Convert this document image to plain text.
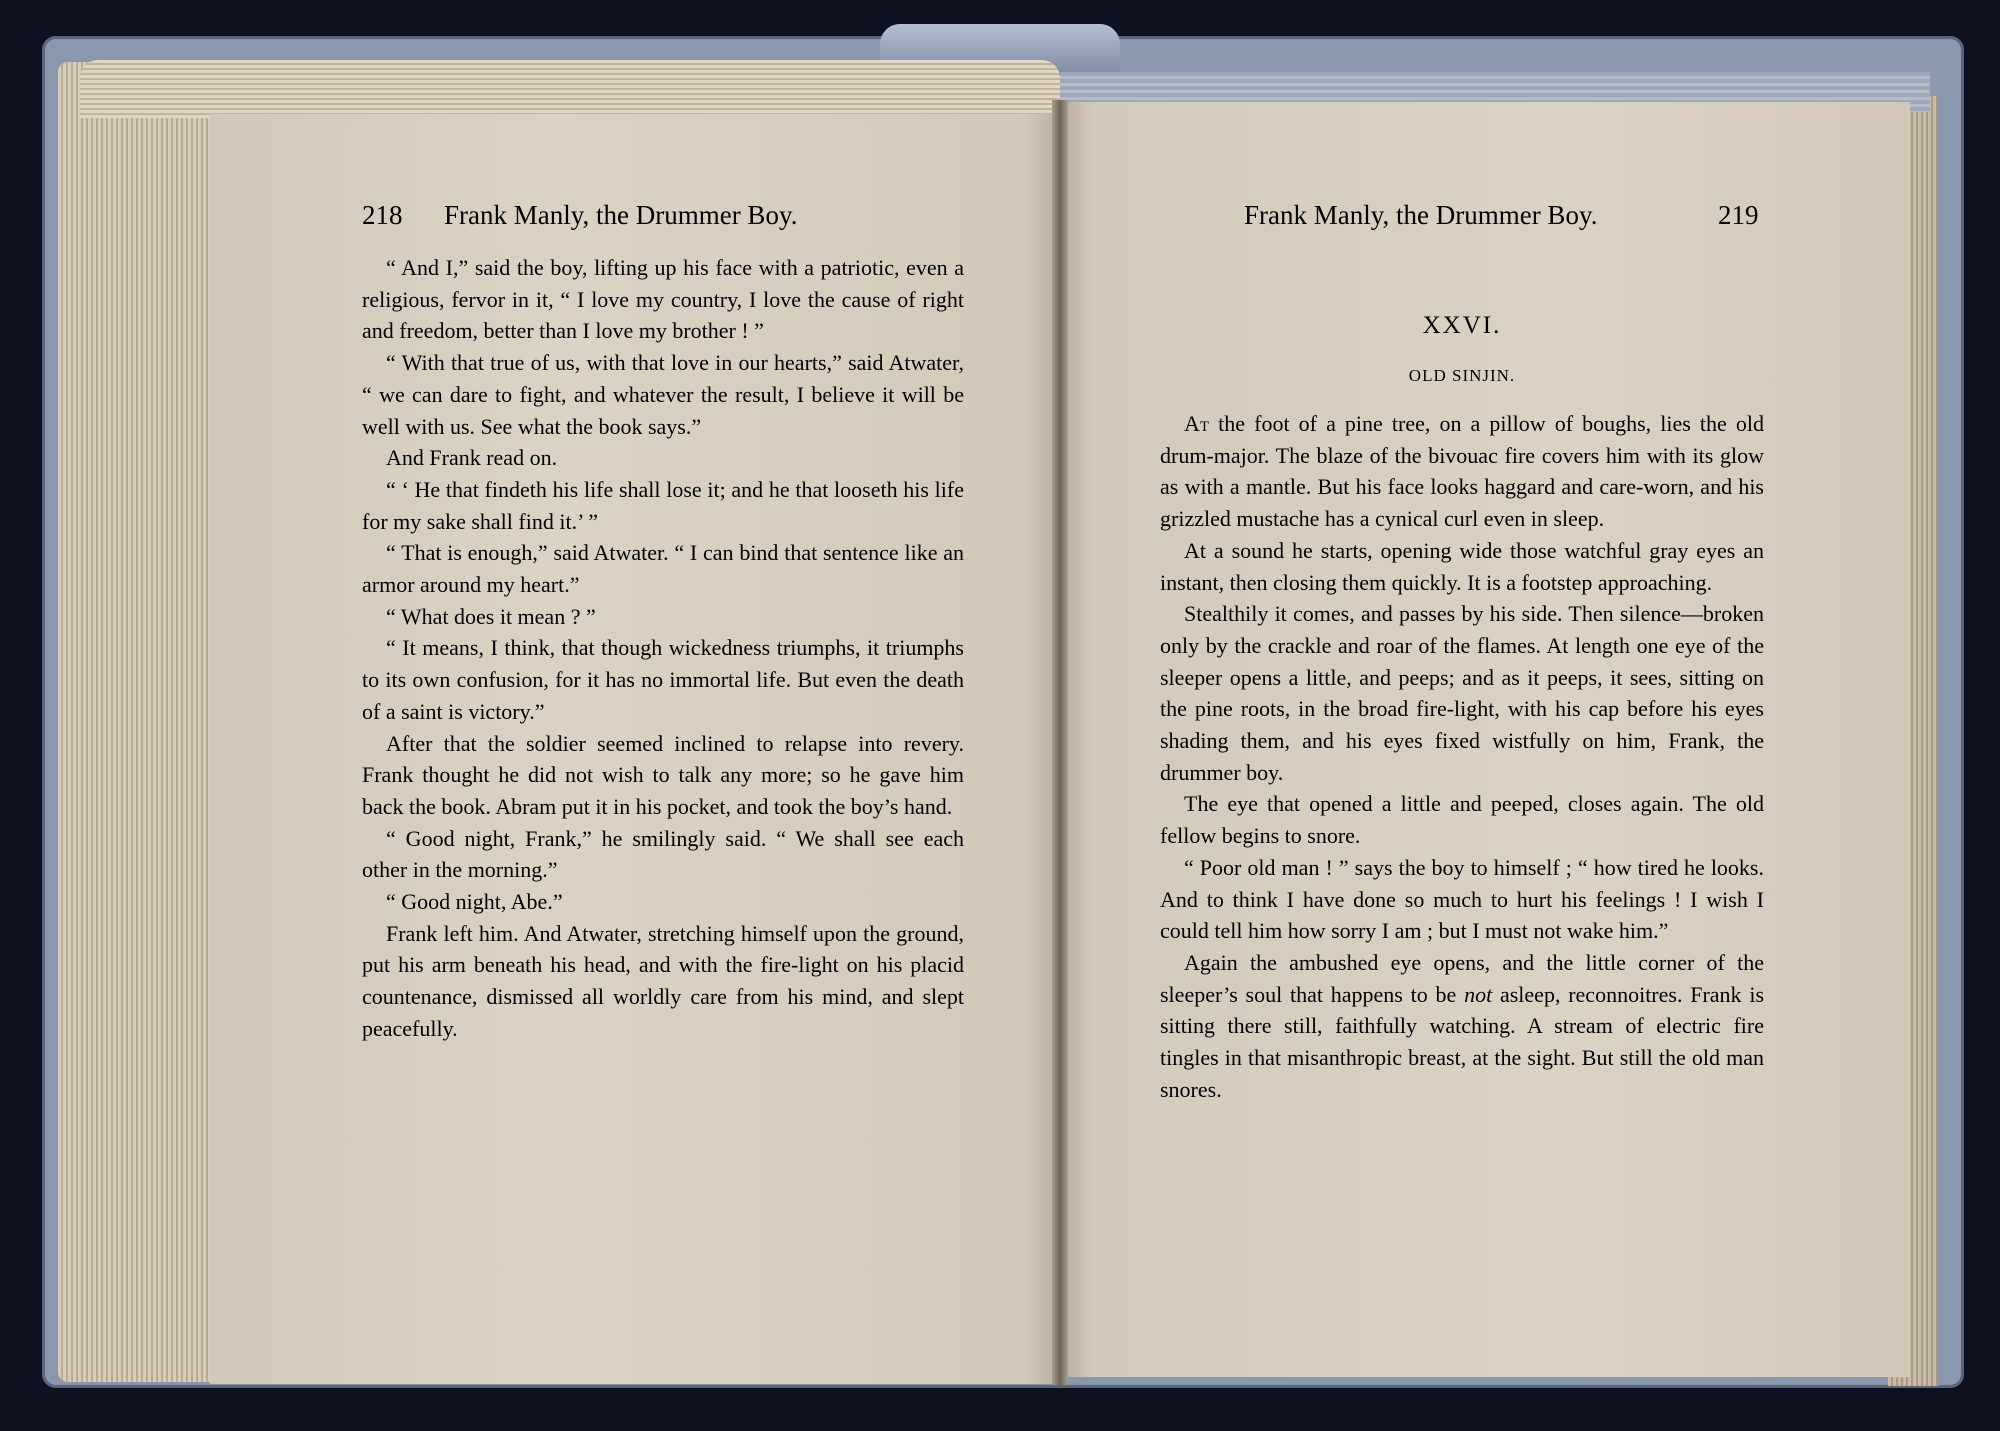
218 Frank Manly, the Drummer Boy.

“ And I,” said the boy, lifting up his face with a patriotic, even a religious, fervor in it, “ I love my country, I love the cause of right and freedom, better than I love my brother ! ”

“ With that true of us, with that love in our hearts,” said Atwater, “ we can dare to fight, and whatever the result, I believe it will be well with us. See what the book says.”

And Frank read on.

“ ‘ He that findeth his life shall lose it; and he that looseth his life for my sake shall find it.’ ”

“ That is enough,” said Atwater. “ I can bind that sentence like an armor around my heart.”

“ What does it mean ? ”

“ It means, I think, that though wickedness triumphs, it triumphs to its own confusion, for it has no immortal life. But even the death of a saint is victory.”

After that the soldier seemed inclined to relapse into revery. Frank thought he did not wish to talk any more; so he gave him back the book. Abram put it in his pocket, and took the boy’s hand.

“ Good night, Frank,” he smilingly said. “ We shall see each other in the morning.”

“ Good night, Abe.”

Frank left him. And Atwater, stretching himself upon the ground, put his arm beneath his head, and with the fire-light on his placid countenance, dismissed all worldly care from his mind, and slept peacefully.

Frank Manly, the Drummer Boy.	219
XXVI.
OLD SINJIN.

At the foot of a pine tree, on a pillow of boughs, lies the old drum-major. The blaze of the bivouac fire covers him with its glow as with a mantle. But his face looks haggard and care-worn, and his grizzled mustache has a cynical curl even in sleep.

At a sound he starts, opening wide those watchful gray eyes an instant, then closing them quickly. It is a footstep approaching.

Stealthily it comes, and passes by his side. Then silence—broken only by the crackle and roar of the flames. At length one eye of the sleeper opens a little, and peeps; and as it peeps, it sees, sitting on the pine roots, in the broad fire-light, with his cap before his eyes shading them, and his eyes fixed wistfully on him, Frank, the drummer boy.

The eye that opened a little and peeped, closes again. The old fellow begins to snore.

“ Poor old man ! ” says the boy to himself ; “ how tired he looks. And to think I have done so much to hurt his feelings ! I wish I could tell him how sorry I am ; but I must not wake him.”

Again the ambushed eye opens, and the little corner of the sleeper’s soul that happens to be not asleep, reconnoitres. Frank is sitting there still, faithfully watching. A stream of electric fire tingles in that misanthropic breast, at the sight. But still the old man snores.
